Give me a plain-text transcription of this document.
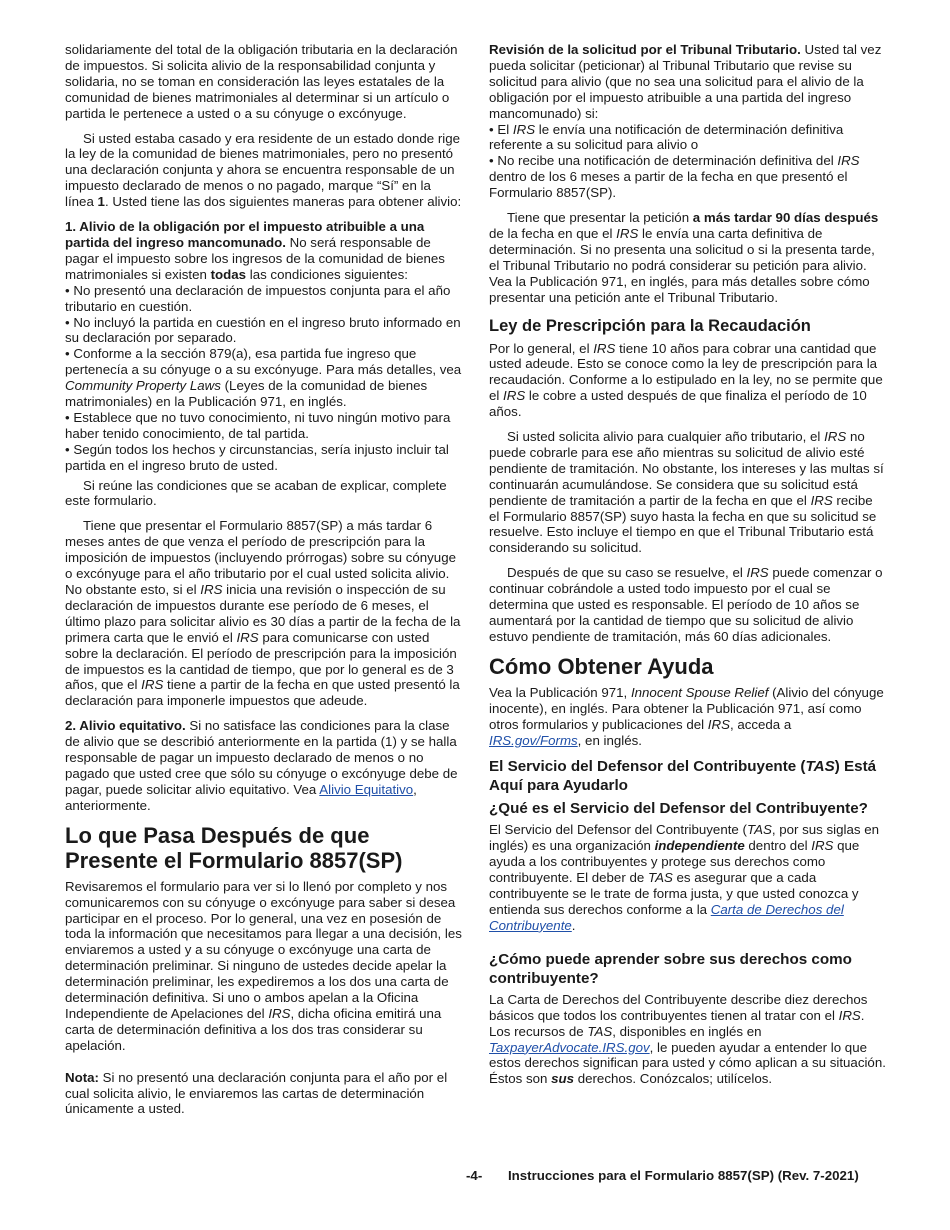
solidariamente del total de la obligación tributaria en la declaración de impuestos. Si solicita alivio de la responsabilidad conjunta y solidaria, no se toman en consideración las leyes estatales de la comunidad de bienes matrimoniales al determinar si un artículo o partida le pertenece a usted o a su cónyuge o excónyuge.

Si usted estaba casado y era residente de un estado donde rige la ley de la comunidad de bienes matrimoniales, pero no presentó una declaración conjunta y ahora se encuentra responsable de un impuesto declarado de menos o no pagado, marque “Sí” en la línea 1. Usted tiene las dos siguientes maneras para obtener alivio:

1. Alivio de la obligación por el impuesto atribuible a una partida del ingreso mancomunado. No será responsable de pagar el impuesto sobre los ingresos de la comunidad de bienes matrimoniales si existen todas las condiciones siguientes:

• No presentó una declaración de impuestos conjunta para el año tributario en cuestión.

• No incluyó la partida en cuestión en el ingreso bruto informado en su declaración por separado.

• Conforme a la sección 879(a), esa partida fue ingreso que pertenecía a su cónyuge o a su excónyuge. Para más detalles, vea Community Property Laws (Leyes de la comunidad de bienes matrimoniales) en la Publicación 971, en inglés.

• Establece que no tuvo conocimiento, ni tuvo ningún motivo para haber tenido conocimiento, de tal partida.

• Según todos los hechos y circunstancias, sería injusto incluir tal partida en el ingreso bruto de usted.

Si reúne las condiciones que se acaban de explicar, complete este formulario.

Tiene que presentar el Formulario 8857(SP) a más tardar 6 meses antes de que venza el período de prescripción para la imposición de impuestos (incluyendo prórrogas) sobre su cónyuge o excónyuge para el año tributario por el cual usted solicita alivio. No obstante esto, si el IRS inicia una revisión o inspección de su declaración de impuestos durante ese período de 6 meses, el último plazo para solicitar alivio es 30 días a partir de la fecha de la primera carta que le envió el IRS para comunicarse con usted sobre la declaración. El período de prescripción para la imposición de impuestos es la cantidad de tiempo, que por lo general es de 3 años, que el IRS tiene a partir de la fecha en que usted presentó la declaración para imponerle impuestos que adeude.

2. Alivio equitativo. Si no satisface las condiciones para la clase de alivio que se describió anteriormente en la partida (1) y se halla responsable de pagar un impuesto declarado de menos o no pagado que usted cree que sólo su cónyuge o excónyuge debe de pagar, puede solicitar alivio equitativo. Vea Alivio Equitativo, anteriormente.

Lo que Pasa Después de que Presente el Formulario 8857(SP)

Revisaremos el formulario para ver si lo llenó por completo y nos comunicaremos con su cónyuge o excónyuge para saber si desea participar en el proceso. Por lo general, una vez en posesión de toda la información que necesitamos para llegar a una decisión, les enviaremos a usted y a su cónyuge o excónyuge una carta de determinación preliminar. Si ninguno de ustedes decide apelar la determinación preliminar, les expediremos a los dos una carta de determinación definitiva. Si uno o ambos apelan a la Oficina Independiente de Apelaciones del IRS, dicha oficina emitirá una carta de determinación definitiva a los dos tras considerar su apelación.

Nota: Si no presentó una declaración conjunta para el año por el cual solicita alivio, le enviaremos las cartas de determinación únicamente a usted.

Revisión de la solicitud por el Tribunal Tributario. Usted tal vez pueda solicitar (peticionar) al Tribunal Tributario que revise su solicitud para alivio (que no sea una solicitud para el alivio de la obligación por el impuesto atribuible a una partida del ingreso mancomunado) si:

• El IRS le envía una notificación de determinación definitiva referente a su solicitud para alivio o

• No recibe una notificación de determinación definitiva del IRS dentro de los 6 meses a partir de la fecha en que presentó el Formulario 8857(SP).

Tiene que presentar la petición a más tardar 90 días después de la fecha en que el IRS le envía una carta definitiva de determinación. Si no presenta una solicitud o si la presenta tarde, el Tribunal Tributario no podrá considerar su petición para alivio. Vea la Publicación 971, en inglés, para más detalles sobre cómo presentar una petición ante el Tribunal Tributario.

Ley de Prescripción para la Recaudación

Por lo general, el IRS tiene 10 años para cobrar una cantidad que usted adeude. Esto se conoce como la ley de prescripción para la recaudación. Conforme a lo estipulado en la ley, no se permite que el IRS le cobre a usted después de que finaliza el período de 10 años.

Si usted solicita alivio para cualquier año tributario, el IRS no puede cobrarle para ese año mientras su solicitud de alivio esté pendiente de tramitación. No obstante, los intereses y las multas sí continuarán acumulándose. Se considera que su solicitud está pendiente de tramitación a partir de la fecha en que el IRS recibe el Formulario 8857(SP) suyo hasta la fecha en que su solicitud se resuelve. Esto incluye el tiempo en que el Tribunal Tributario está considerando su solicitud.

Después de que su caso se resuelve, el IRS puede comenzar o continuar cobrándole a usted todo impuesto por el cual se determina que usted es responsable. El período de 10 años se aumentará por la cantidad de tiempo que su solicitud de alivio estuvo pendiente de tramitación, más 60 días adicionales.

Cómo Obtener Ayuda

Vea la Publicación 971, Innocent Spouse Relief (Alivio del cónyuge inocente), en inglés. Para obtener la Publicación 971, así como otros formularios y publicaciones del IRS, acceda a IRS.gov/Forms, en inglés.

El Servicio del Defensor del Contribuyente (TAS) Está Aquí para Ayudarlo
¿Qué es el Servicio del Defensor del Contribuyente?

El Servicio del Defensor del Contribuyente (TAS, por sus siglas en inglés) es una organización independiente dentro del IRS que ayuda a los contribuyentes y protege sus derechos como contribuyente. El deber de TAS es asegurar que a cada contribuyente se le trate de forma justa, y que usted conozca y entienda sus derechos conforme a la Carta de Derechos del Contribuyente.

¿Cómo puede aprender sobre sus derechos como contribuyente?

La Carta de Derechos del Contribuyente describe diez derechos básicos que todos los contribuyentes tienen al tratar con el IRS. Los recursos de TAS, disponibles en inglés en TaxpayerAdvocate.IRS.gov, le pueden ayudar a entender lo que estos derechos significan para usted y cómo aplican a su situación. Éstos son sus derechos. Conózcalos; utilícelos.

-4- Instrucciones para el Formulario 8857(SP) (Rev. 7-2021)
